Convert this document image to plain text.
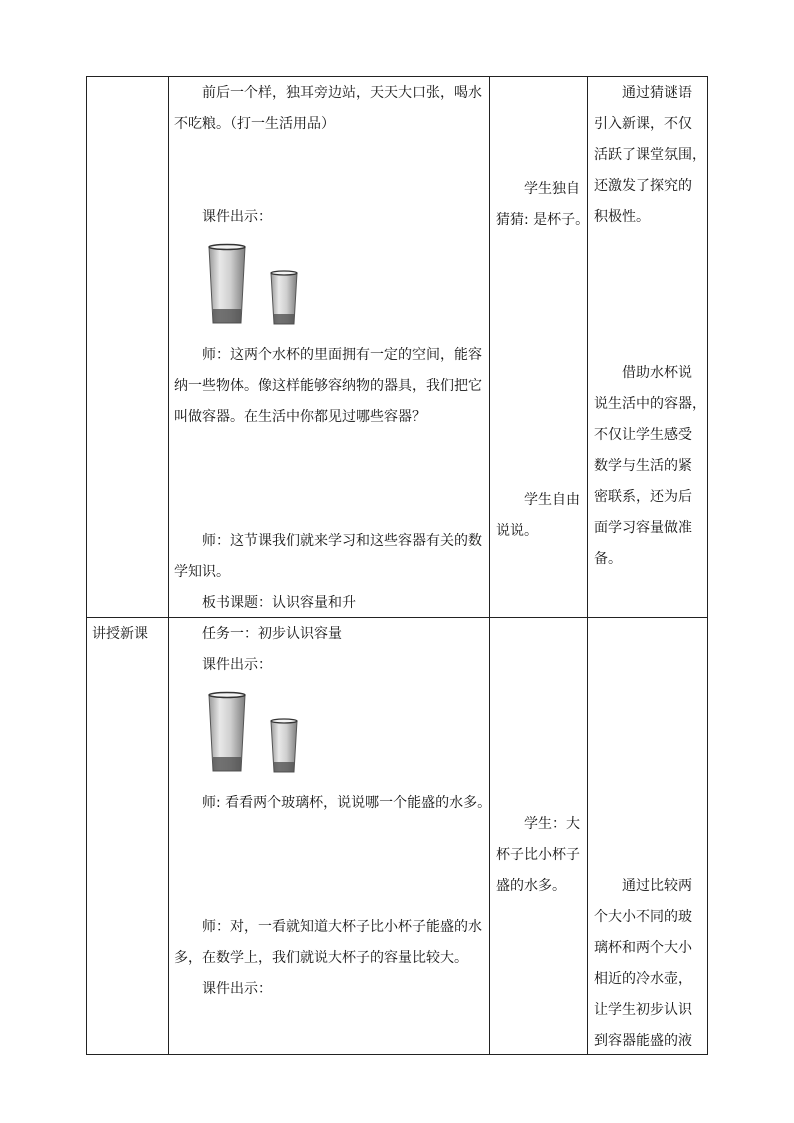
前后一个样，独耳旁边站，天天大口张，喝水
不吃粮。（打一生活用品）
课件出示：
师：这两个水杯的里面拥有一定的空间，能容
纳一些物体。像这样能够容纳物的器具，我们把它
叫做容器。在生活中你都见过哪些容器？
师：这节课我们就来学习和这些容器有关的数
学知识。
板书课题：认识容量和升
学生独自
猜猜: 是杯子。
学生自由
说说。
通过猜谜语
引入新课，不仅
活跃了课堂氛围，
还激发了探究的
积极性。
借助水杯说
说生活中的容器，
不仅让学生感受
数学与生活的紧
密联系，还为后
面学习容量做准
备。
讲授新课	任务一：初步认识容量
课件出示：
师: 看看两个玻璃杯，说说哪一个能盛的水多。
师：对，一看就知道大杯子比小杯子能盛的水
多，在数学上，我们就说大杯子的容量比较大。
课件出示：
学生：大
杯子比小杯子
盛的水多。	通过比较两
个大小不同的玻
璃杯和两个大小
相近的冷水壶，
让学生初步认识
到容器能盛的液
